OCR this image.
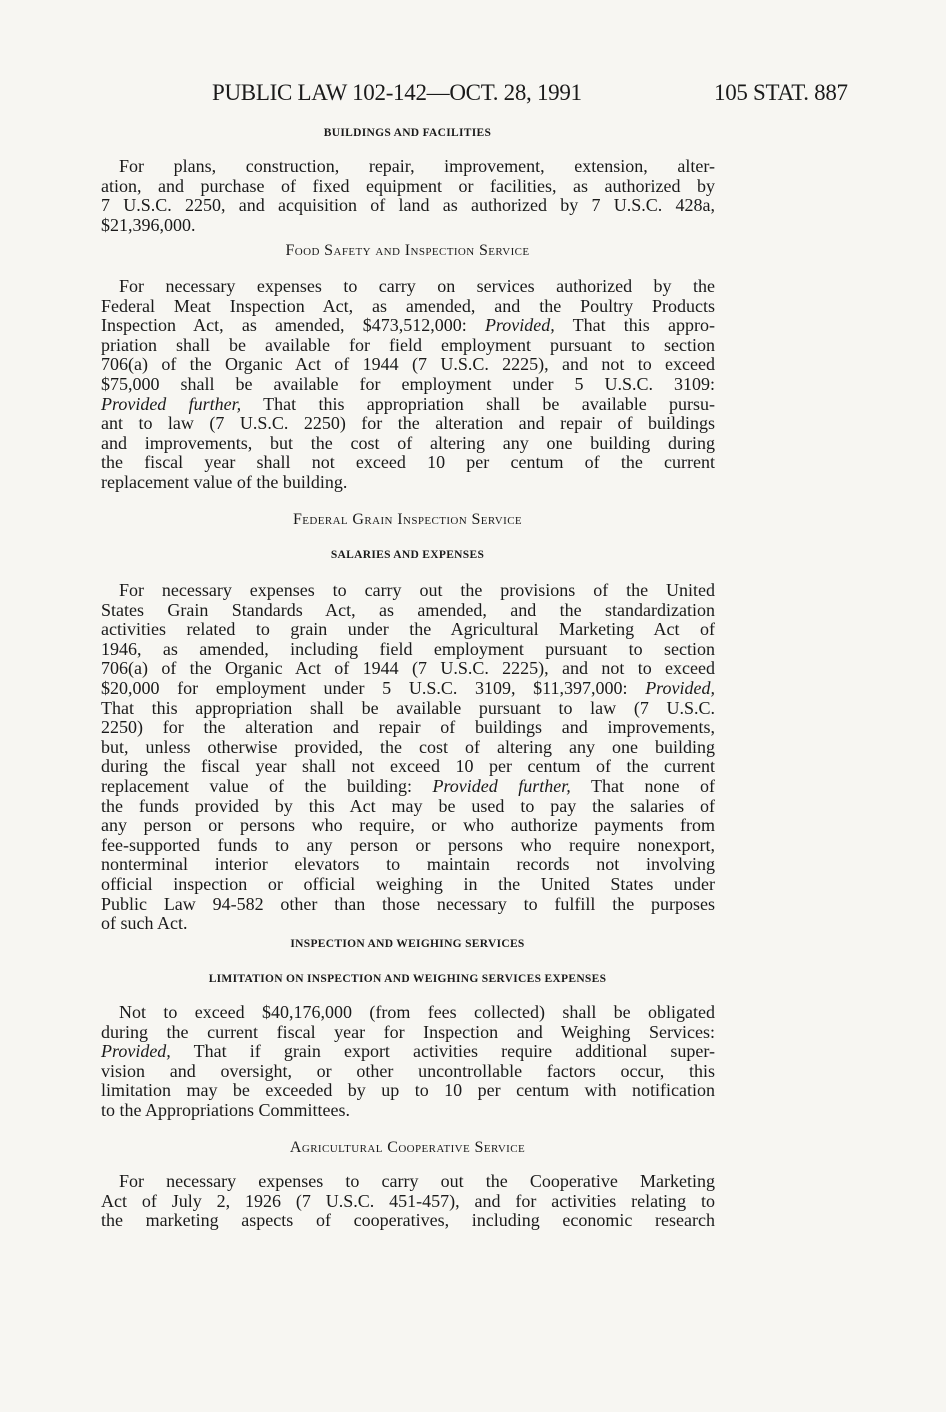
PUBLIC LAW 102-142—OCT. 28, 1991	105 STAT. 887
BUILDINGS AND FACILITIES
For plans, construction, repair, improvement, extension, alter-
ation, and purchase of fixed equipment or facilities, as authorized by
7 U.S.C. 2250, and acquisition of land as authorized by 7 U.S.C. 428a,
$21,396,000.
Food Safety and Inspection Service
For necessary expenses to carry on services authorized by the
Federal Meat Inspection Act, as amended, and the Poultry Products
Inspection Act, as amended, $473,512,000: Provided, That this appro-
priation shall be available for field employment pursuant to section
706(a) of the Organic Act of 1944 (7 U.S.C. 2225), and not to exceed
$75,000 shall be available for employment under 5 U.S.C. 3109:
Provided further, That this appropriation shall be available pursu-
ant to law (7 U.S.C. 2250) for the alteration and repair of buildings
and improvements, but the cost of altering any one building during
the fiscal year shall not exceed 10 per centum of the current
replacement value of the building.
Federal Grain Inspection Service
SALARIES AND EXPENSES
For necessary expenses to carry out the provisions of the United
States Grain Standards Act, as amended, and the standardization
activities related to grain under the Agricultural Marketing Act of
1946, as amended, including field employment pursuant to section
706(a) of the Organic Act of 1944 (7 U.S.C. 2225), and not to exceed
$20,000 for employment under 5 U.S.C. 3109, $11,397,000: Provided,
That this appropriation shall be available pursuant to law (7 U.S.C.
2250) for the alteration and repair of buildings and improvements,
but, unless otherwise provided, the cost of altering any one building
during the fiscal year shall not exceed 10 per centum of the current
replacement value of the building: Provided further, That none of
the funds provided by this Act may be used to pay the salaries of
any person or persons who require, or who authorize payments from
fee-supported funds to any person or persons who require nonexport,
nonterminal interior elevators to maintain records not involving
official inspection or official weighing in the United States under
Public Law 94-582 other than those necessary to fulfill the purposes
of such Act.
INSPECTION AND WEIGHING SERVICES
LIMITATION ON INSPECTION AND WEIGHING SERVICES EXPENSES
Not to exceed $40,176,000 (from fees collected) shall be obligated
during the current fiscal year for Inspection and Weighing Services:
Provided, That if grain export activities require additional super-
vision and oversight, or other uncontrollable factors occur, this
limitation may be exceeded by up to 10 per centum with notification
to the Appropriations Committees.
Agricultural Cooperative Service
For necessary expenses to carry out the Cooperative Marketing
Act of July 2, 1926 (7 U.S.C. 451-457), and for activities relating to
the marketing aspects of cooperatives, including economic research
